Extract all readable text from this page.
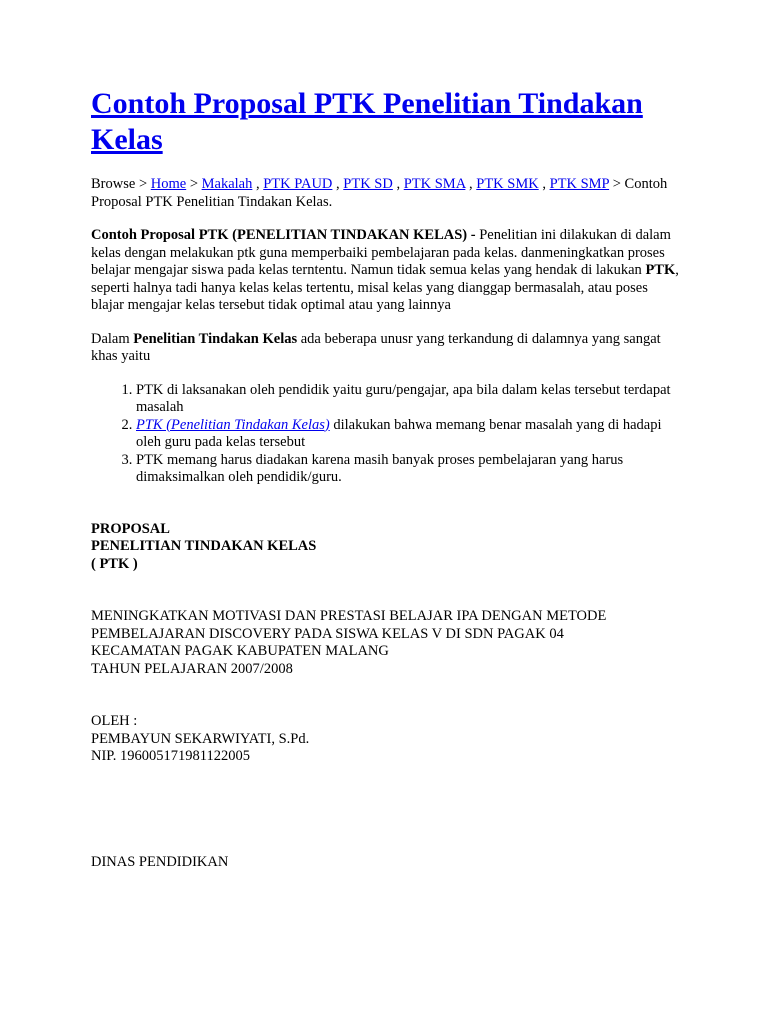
Contoh Proposal PTK Penelitian Tindakan Kelas
Browse > Home > Makalah , PTK PAUD , PTK SD , PTK SMA , PTK SMK , PTK SMP > Contoh Proposal PTK Penelitian Tindakan Kelas.
Contoh Proposal PTK (PENELITIAN TINDAKAN KELAS) - Penelitian ini dilakukan di dalam kelas dengan melakukan ptk guna memperbaiki pembelajaran pada kelas. danmeningkatkan proses belajar mengajar siswa pada kelas terntentu. Namun tidak semua kelas yang hendak di lakukan PTK, seperti halnya tadi hanya kelas kelas tertentu, misal kelas yang dianggap bermasalah, atau poses blajar mengajar kelas tersebut tidak optimal atau yang lainnya
Dalam Penelitian Tindakan Kelas ada beberapa unusr yang terkandung di dalamnya yang sangat khas yaitu
1. PTK di laksanakan oleh pendidik yaitu guru/pengajar, apa bila dalam kelas tersebut terdapat masalah
2. PTK (Penelitian Tindakan Kelas) dilakukan bahwa memang benar masalah yang di hadapi oleh guru pada kelas tersebut
3. PTK memang harus diadakan karena masih banyak proses pembelajaran yang harus dimaksimalkan oleh pendidik/guru.
PROPOSAL
PENELITIAN TINDAKAN KELAS
( PTK )
MENINGKATKAN MOTIVASI DAN PRESTASI BELAJAR IPA DENGAN METODE
PEMBELAJARAN DISCOVERY PADA SISWA KELAS V DI SDN PAGAK 04
KECAMATAN PAGAK KABUPATEN MALANG
TAHUN PELAJARAN 2007/2008
OLEH :
PEMBAYUN SEKARWIYATI, S.Pd.
NIP. 196005171981122005
DINAS PENDIDIKAN
